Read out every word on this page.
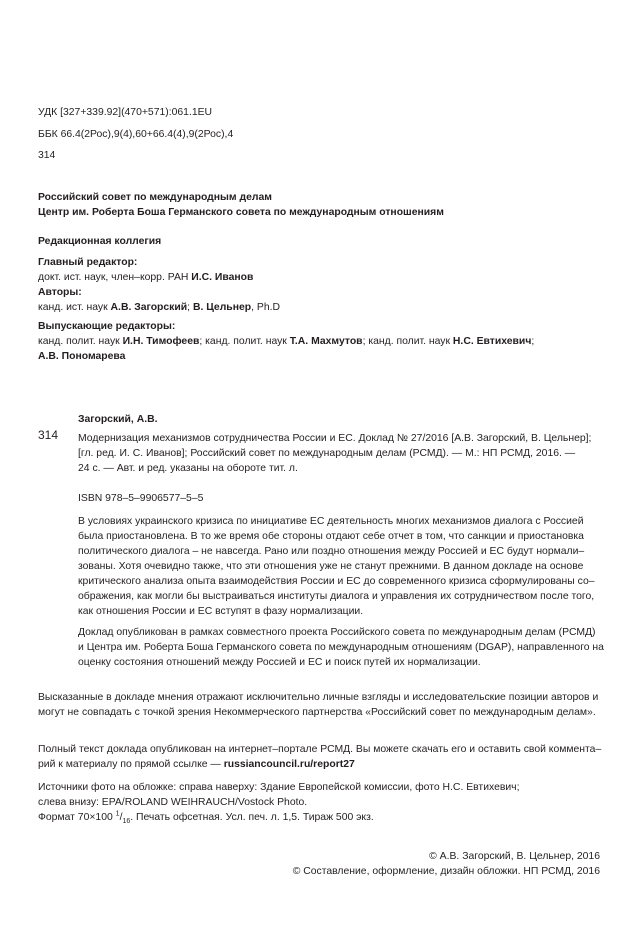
УДК [327+339.92](470+571):061.1EU
ББК 66.4(2Рос),9(4),60+66.4(4),9(2Рос),4
314
Российский совет по международным делам
Центр им. Роберта Боша Германского совета по международным отношениям
Редакционная коллегия
Главный редактор:
докт. ист. наук, член–корр. РАН И.С. Иванов
Авторы:
канд. ист. наук А.В. Загорский; В. Цельнер, Ph.D
Выпускающие редакторы:
канд. полит. наук И.Н. Тимофеев; канд. полит. наук Т.А. Махмутов; канд. полит. наук Н.С. Евтихевич;
А.В. Пономарева
314
Загорский, А.В.
Модернизация механизмов сотрудничества России и ЕС. Доклад № 27/2016 [А.В. Загорский, В. Цельнер];
[гл. ред. И. С. Иванов]; Российский совет по международным делам (РСМД). — М.: НП РСМД, 2016. —
24 с. — Авт. и ред. указаны на обороте тит. л.
ISBN 978–5–9906577–5–5
В условиях украинского кризиса по инициативе ЕС деятельность многих механизмов диалога с Россией
была приостановлена. В то же время обе стороны отдают себе отчет в том, что санкции и приостановка
политического диалога – не навсегда. Рано или поздно отношения между Россией и ЕС будут нормали–
зованы. Хотя очевидно также, что эти отношения уже не станут прежними. В данном докладе на основе
критического анализа опыта взаимодействия России и ЕС до современного кризиса сформулированы со–
ображения, как могли бы выстраиваться институты диалога и управления их сотрудничеством после того,
как отношения России и ЕС вступят в фазу нормализации.
Доклад опубликован в рамках совместного проекта Российского совета по международным делам (РСМД)
и Центра им. Роберта Боша Германского совета по международным отношениям (DGAP), направленного на
оценку состояния отношений между Россией и ЕС и поиск путей их нормализации.
Высказанные в докладе мнения отражают исключительно личные взгляды и исследовательские позиции авторов и
могут не совпадать с точкой зрения Некоммерческого партнерства «Российский совет по международным делам».
Полный текст доклада опубликован на интернет–портале РСМД. Вы можете скачать его и оставить свой коммента–
рий к материалу по прямой ссылке — russiancouncil.ru/report27
Источники фото на обложке: справа наверху: Здание Европейской комиссии, фото Н.С. Евтихевич;
слева внизу: EPA/ROLAND WEIHRAUCH/Vostock Photo.
Формат 70×100 $^1/_{16}$. Печать офсетная. Усл. печ. л. 1,5. Тираж 500 экз.
© А.В. Загорский, В. Цельнер, 2016
© Составление, оформление, дизайн обложки. НП РСМД, 2016
